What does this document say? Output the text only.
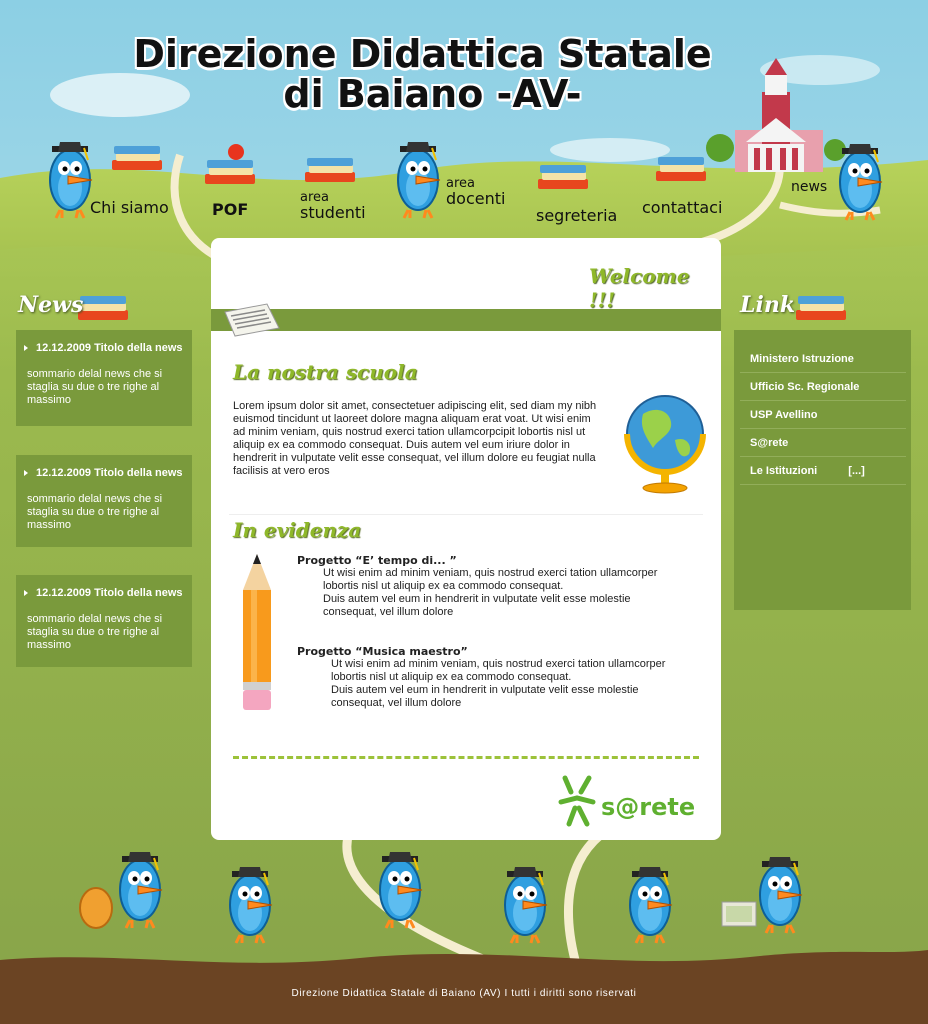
Direzione Didattica Statale
di Baiano -AV-
Chi siamo	POF
area
studenti
area
docenti
segreteria contattaci
news
News
12.12.2009 Titolo della news
sommario delal news che si staglia su due o tre righe al massimo
12.12.2009 Titolo della news
sommario delal news che si staglia su due o tre righe al massimo
12.12.2009 Titolo della news
sommario delal news che si staglia su due o tre righe al massimo
Link
Ministero Istruzione
Ufficio Sc. Regionale
USP Avellino
S@rete
Le Istituzioni	[...]
Welcome !!!
La nostra scuola
Lorem ipsum dolor sit amet, consectetuer adipiscing elit, sed diam my nibh euismod tincidunt ut laoreet dolore magna aliquam erat voat. Ut wisi enim ad minim veniam, quis nostrud exerci tation ullamcorpcipit lobortis nisl ut aliquip ex ea commodo consequat. Duis autem vel eum iriure dolor in hendrerit in vulputate velit esse consequat, vel illum dolore eu feugiat nulla facilisis at vero eros
In evidenza
Progetto “E’ tempo di... ”
Ut wisi enim ad minim veniam, quis nostrud exerci tation ullamcorper
lobortis nisl ut aliquip ex ea commodo consequat.
Duis autem vel eum in hendrerit in vulputate velit esse molestie
consequat, vel illum dolore
Progetto “Musica maestro”
Ut wisi enim ad minim veniam, quis nostrud exerci tation ullamcorper
lobortis nisl ut aliquip ex ea commodo consequat.
Duis autem vel eum in hendrerit in vulputate velit esse molestie
consequat, vel illum dolore
s@rete
Direzione Didattica Statale di Baiano (AV) I tutti i diritti sono riservati
